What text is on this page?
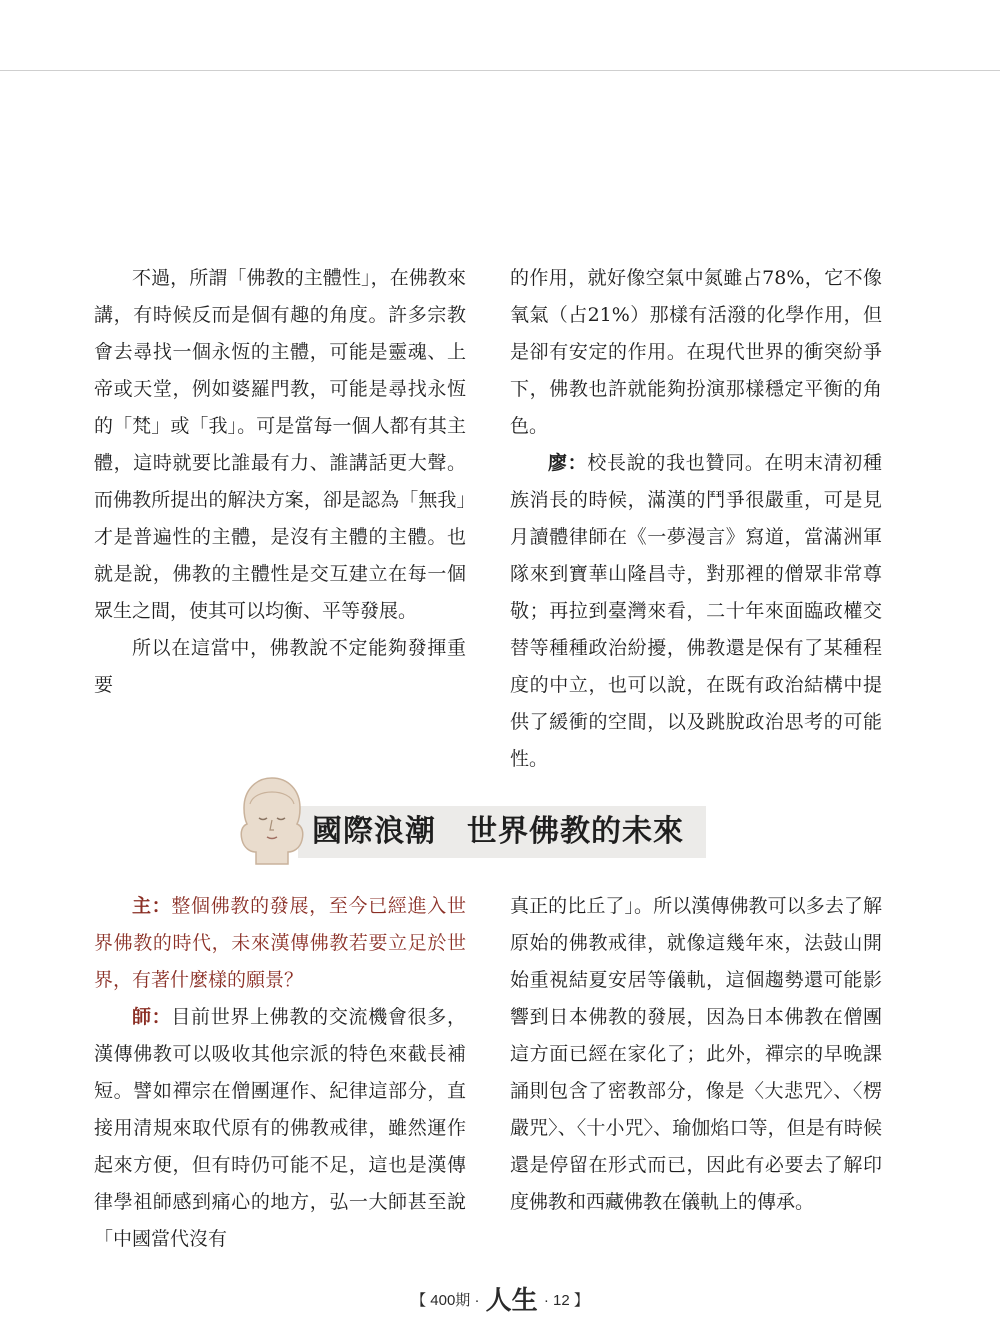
不過，所謂「佛教的主體性」，在佛教來講，有時候反而是個有趣的角度。許多宗教會去尋找一個永恆的主體，可能是靈魂、上帝或天堂，例如婆羅門教，可能是尋找永恆的「梵」或「我」。可是當每一個人都有其主體，這時就要比誰最有力、誰講話更大聲。而佛教所提出的解決方案，卻是認為「無我」才是普遍性的主體，是沒有主體的主體。也就是說，佛教的主體性是交互建立在每一個眾生之間，使其可以均衡、平等發展。

所以在這當中，佛教說不定能夠發揮重要

的作用，就好像空氣中氮雖占78%，它不像氧氣（占21%）那樣有活潑的化學作用，但是卻有安定的作用。在現代世界的衝突紛爭下，佛教也許就能夠扮演那樣穩定平衡的角色。

廖：校長說的我也贊同。在明末清初種族消長的時候，滿漢的鬥爭很嚴重，可是見月讀體律師在《一夢漫言》寫道，當滿洲軍隊來到寶華山隆昌寺，對那裡的僧眾非常尊敬；再拉到臺灣來看，二十年來面臨政權交替等種種政治紛擾，佛教還是保有了某種程度的中立，也可以說，在既有政治結構中提供了緩衝的空間，以及跳脫政治思考的可能性。

國際浪潮　世界佛教的未來

主：整個佛教的發展，至今已經進入世界佛教的時代，未來漢傳佛教若要立足於世界，有著什麼樣的願景？

師：目前世界上佛教的交流機會很多，漢傳佛教可以吸收其他宗派的特色來截長補短。譬如禪宗在僧團運作、紀律這部分，直接用清規來取代原有的佛教戒律，雖然運作起來方便，但有時仍可能不足，這也是漢傳律學祖師感到痛心的地方，弘一大師甚至說「中國當代沒有

真正的比丘了」。所以漢傳佛教可以多去了解原始的佛教戒律，就像這幾年來，法鼓山開始重視結夏安居等儀軌，這個趨勢還可能影響到日本佛教的發展，因為日本佛教在僧團這方面已經在家化了；此外，禪宗的早晚課誦則包含了密教部分，像是〈大悲咒〉、〈楞嚴咒〉、〈十小咒〉、瑜伽焰口等，但是有時候還是停留在形式而已，因此有必要去了解印度佛教和西藏佛教在儀軌上的傳承。

【 400期 · 人生 · 12 】
